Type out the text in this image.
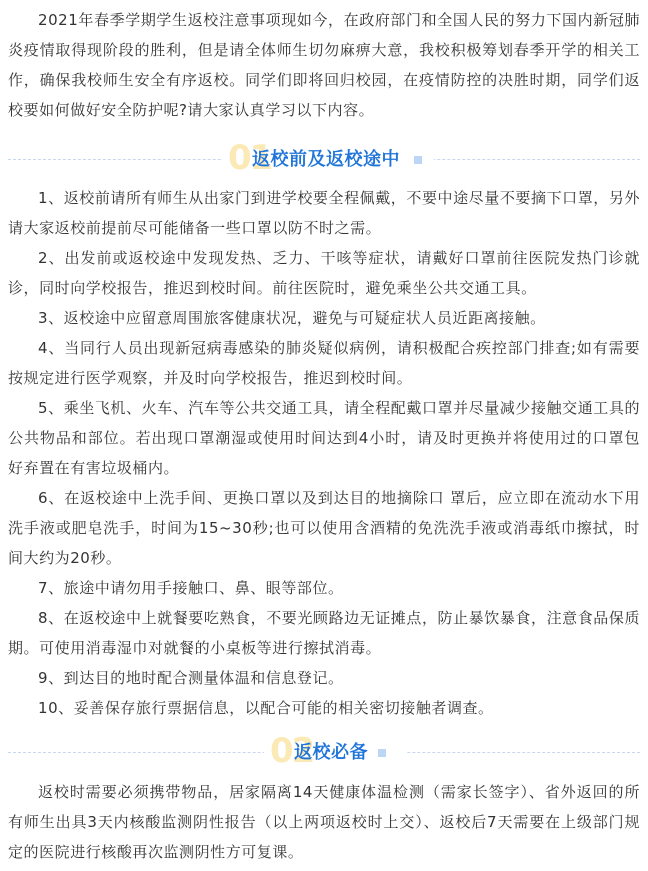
2021年春季学期学生返校注意事项现如今，在政府部门和全国人民的努力下国内新冠肺炎疫情取得现阶段的胜利，但是请全体师生切勿麻痹大意，我校积极筹划春季开学的相关工作，确保我校师生安全有序返校。同学们即将回归校园，在疫情防控的决胜时期，同学们返校要如何做好安全防护呢?请大家认真学习以下内容。

01
返校前及返校途中

1、返校前请所有师生从出家门到进学校要全程佩戴，不要中途尽量不要摘下口罩，另外请大家返校前提前尽可能储备一些口罩以防不时之需。

2、出发前或返校途中发现发热、乏力、干咳等症状，请戴好口罩前往医院发热门诊就诊，同时向学校报告，推迟到校时间。前往医院时，避免乘坐公共交通工具。

3、返校途中应留意周围旅客健康状况，避免与可疑症状人员近距离接触。

4、当同行人员出现新冠病毒感染的肺炎疑似病例，请积极配合疾控部门排查;如有需要按规定进行医学观察，并及时向学校报告，推迟到校时间。

5、乘坐飞机、火车、汽车等公共交通工具，请全程配戴口罩并尽量减少接触交通工具的公共物品和部位。若出现口罩潮湿或使用时间达到4小时，请及时更换并将使用过的口罩包好弃置在有害垃圾桶内。

6、在返校途中上洗手间、更换口罩以及到达目的地摘除口 罩后，应立即在流动水下用洗手液或肥皂洗手，时间为15~30秒;也可以使用含酒精的免洗洗手液或消毒纸巾擦拭，时间大约为20秒。

7、旅途中请勿用手接触口、鼻、眼等部位。

8、在返校途中上就餐要吃熟食，不要光顾路边无证摊点，防止暴饮暴食，注意食品保质期。可使用消毒湿巾对就餐的小桌板等进行擦拭消毒。

9、到达目的地时配合测量体温和信息登记。

10、妥善保存旅行票据信息，以配合可能的相关密切接触者调查。

02
返校必备

返校时需要必须携带物品，居家隔离14天健康体温检测（需家长签字）、省外返回的所有师生出具3天内核酸监测阴性报告（以上两项返校时上交）、返校后7天需要在上级部门规定的医院进行核酸再次监测阴性方可复课。
